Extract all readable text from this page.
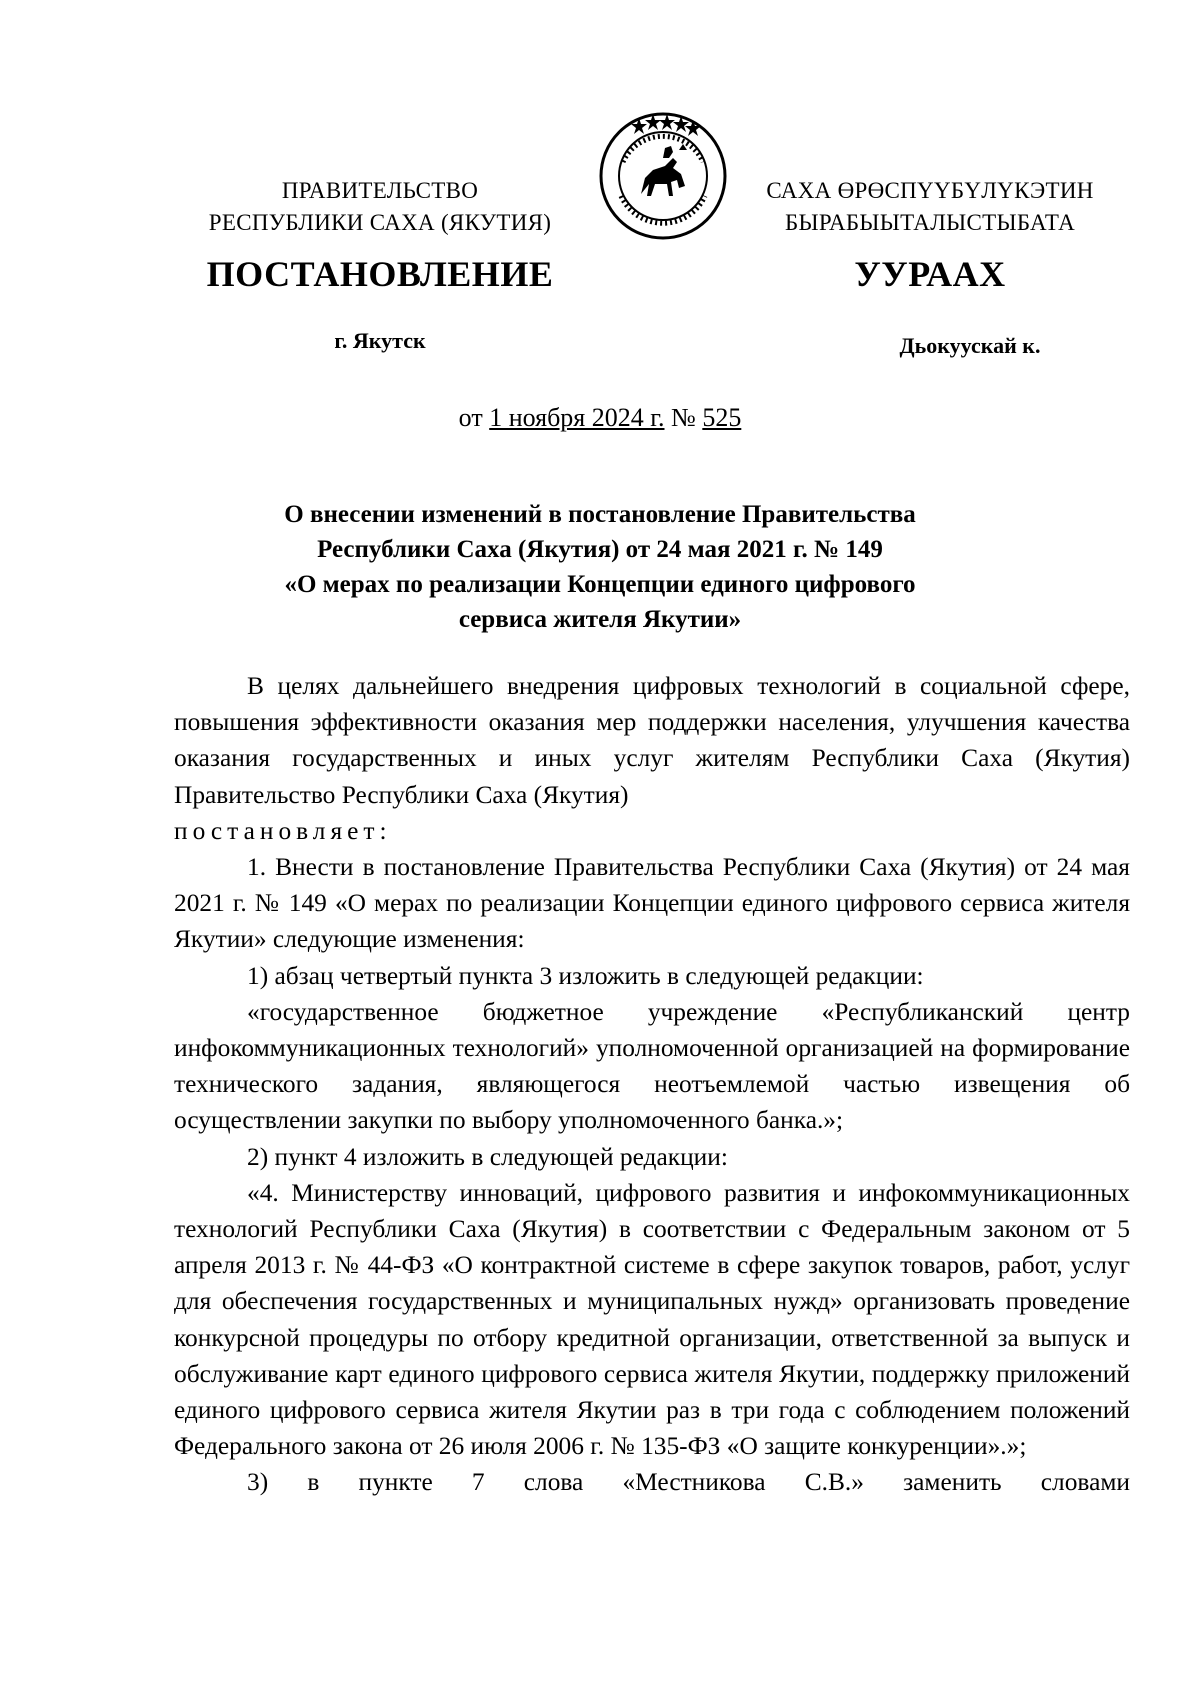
ПРАВИТЕЛЬСТВО
РЕСПУБЛИКИ САХА (ЯКУТИЯ)
САХА ӨРӨСПҮҮБҮЛҮКЭТИН
БЫРАБЫЫТАЛЫСТЫБАТА
ПОСТАНОВЛЕНИЕ	УУРААХ
г. Якутск	Дьокуускай к.
от 1 ноября 2024 г. № 525
О внесении изменений в постановление Правительства
Республики Саха (Якутия) от 24 мая 2021 г. № 149
«О мерах по реализации Концепции единого цифрового
сервиса жителя Якутии»

В целях дальнейшего внедрения цифровых технологий в социальной сфере, повышения эффективности оказания мер поддержки населения, улучшения качества оказания государственных и иных услуг жителям Республики Саха (Якутия) Правительство Республики Саха (Якутия)

постановляет:

1. Внести в постановление Правительства Республики Саха (Якутия) от 24 мая 2021 г. № 149 «О мерах по реализации Концепции единого цифрового сервиса жителя Якутии» следующие изменения:

1) абзац четвертый пункта 3 изложить в следующей редакции:

«государственное бюджетное учреждение «Республиканский центр инфокоммуникационных технологий» уполномоченной организацией на формирование технического задания, являющегося неотъемлемой частью извещения об осуществлении закупки по выбору уполномоченного банка.»;

2) пункт 4 изложить в следующей редакции:

«4. Министерству инноваций, цифрового развития и инфокоммуникационных технологий Республики Саха (Якутия) в соответствии с Федеральным законом от 5 апреля 2013 г. № 44-ФЗ «О контрактной системе в сфере закупок товаров, работ, услуг для обеспечения государственных и муниципальных нужд» организовать проведение конкурсной процедуры по отбору кредитной организации, ответственной за выпуск и обслуживание карт единого цифрового сервиса жителя Якутии, поддержку приложений единого цифрового сервиса жителя Якутии раз в три года с соблюдением положений Федерального закона от 26 июля 2006 г. № 135-ФЗ «О защите конкуренции».»;

3) в пункте 7 слова «Местникова С.В.» заменить словами
